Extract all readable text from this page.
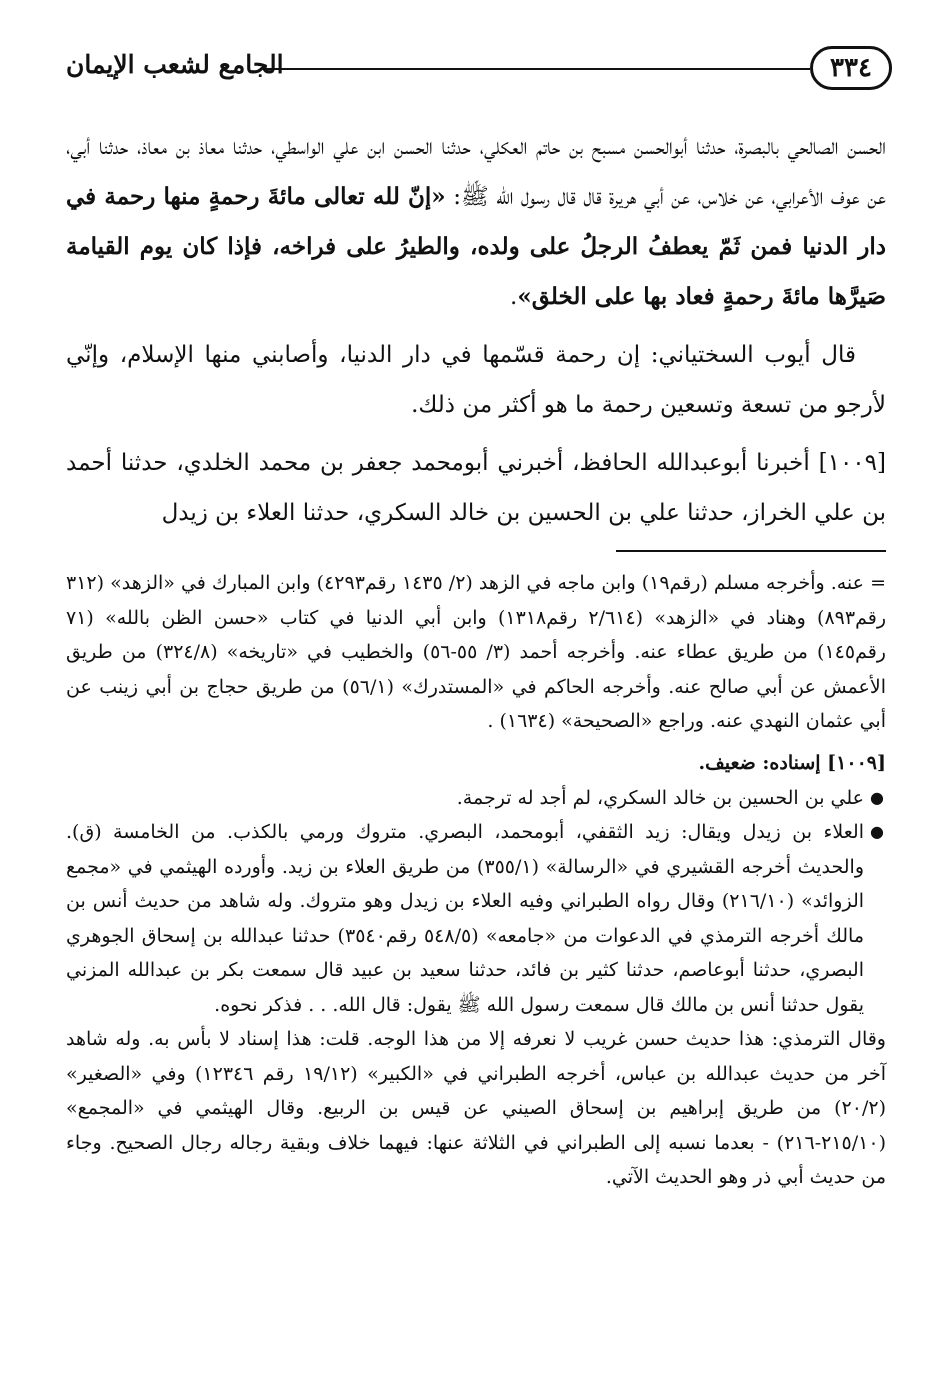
٣٣٤
الجامع لشعب الإيمان

الحسن الصالحي بالبصرة، حدثنا أبوالحسن مسبح بن حاتم العكلي، حدثنا الحسن ابن علي الواسطي، حدثنا معاذ بن معاذ، حدثنا أبي، عن عوف الأعرابي، عن خلاس، عن أبي هريرة قال قال رسول الله ﷺ: «إنّ لله تعالى مائةَ رحمةٍ منها رحمة في دار الدنيا فمن ثَمّ يعطفُ الرجلُ على ولده، والطيرُ على فراخه، فإذا كان يوم القيامة صَيرَّها مائةَ رحمةٍ فعاد بها على الخلق».

قال أيوب السختياني: إن رحمة قسّمها في دار الدنيا، وأصابني منها الإسلام، وإنّي لأرجو من تسعة وتسعين رحمة ما هو أكثر من ذلك.

[١٠٠٩] أخبرنا أبوعبدالله الحافظ، أخبرني أبومحمد جعفر بن محمد الخلدي، حدثنا أحمد بن علي الخراز، حدثنا علي بن الحسين بن خالد السكري، حدثنا العلاء بن زيدل

= عنه. وأخرجه مسلم (رقم١٩) وابن ماجه في الزهد (٢/ ١٤٣٥ رقم٤٢٩٣) وابن المبارك في «الزهد» (٣١٢ رقم٨٩٣) وهناد في «الزهد» (٢/٦١٤ رقم١٣١٨) وابن أبي الدنيا في كتاب «حسن الظن بالله» (٧١ رقم١٤٥) من طريق عطاء عنه. وأخرجه أحمد (٣/ ٥٥-٥٦) والخطيب في «تاريخه» (٣٢٤/٨) من طريق الأعمش عن أبي صالح عنه. وأخرجه الحاكم في «المستدرك» (٥٦/١) من طريق حجاج بن أبي زينب عن أبي عثمان النهدي عنه. وراجع «الصحيحة» (١٦٣٤) .

[١٠٠٩] إسناده: ضعيف.

●
علي بن الحسين بن خالد السكري، لم أجد له ترجمة.
●
العلاء بن زيدل ويقال: زيد الثقفي، أبومحمد، البصري. متروك ورمي بالكذب. من الخامسة (ق). والحديث أخرجه القشيري في «الرسالة» (٣٥٥/١) من طريق العلاء بن زيد. وأورده الهيثمي في «مجمع الزوائد» (٢١٦/١٠) وقال رواه الطبراني وفيه العلاء بن زيدل وهو متروك. وله شاهد من حديث أنس بن مالك أخرجه الترمذي في الدعوات من «جامعه» (٥٤٨/٥ رقم٣٥٤٠) حدثنا عبدالله بن إسحاق الجوهري البصري، حدثنا أبوعاصم، حدثنا كثير بن فائد، حدثنا سعيد بن عبيد قال سمعت بكر بن عبدالله المزني يقول حدثنا أنس بن مالك قال سمعت رسول الله ﷺ يقول: قال الله. . . فذكر نحوه.

وقال الترمذي: هذا حديث حسن غريب لا نعرفه إلا من هذا الوجه. قلت: هذا إسناد لا بأس به. وله شاهد آخر من حديث عبدالله بن عباس، أخرجه الطبراني في «الكبير» (١٩/١٢ رقم ١٢٣٤٦) وفي «الصغير» (٢٠/٢) من طريق إبراهيم بن إسحاق الصيني عن قيس بن الربيع. وقال الهيثمي في «المجمع» (٢١٥/١٠-٢١٦) - بعدما نسبه إلى الطبراني في الثلاثة عنها: فيهما خلاف وبقية رجاله رجال الصحيح. وجاء من حديث أبي ذر وهو الحديث الآتي.
